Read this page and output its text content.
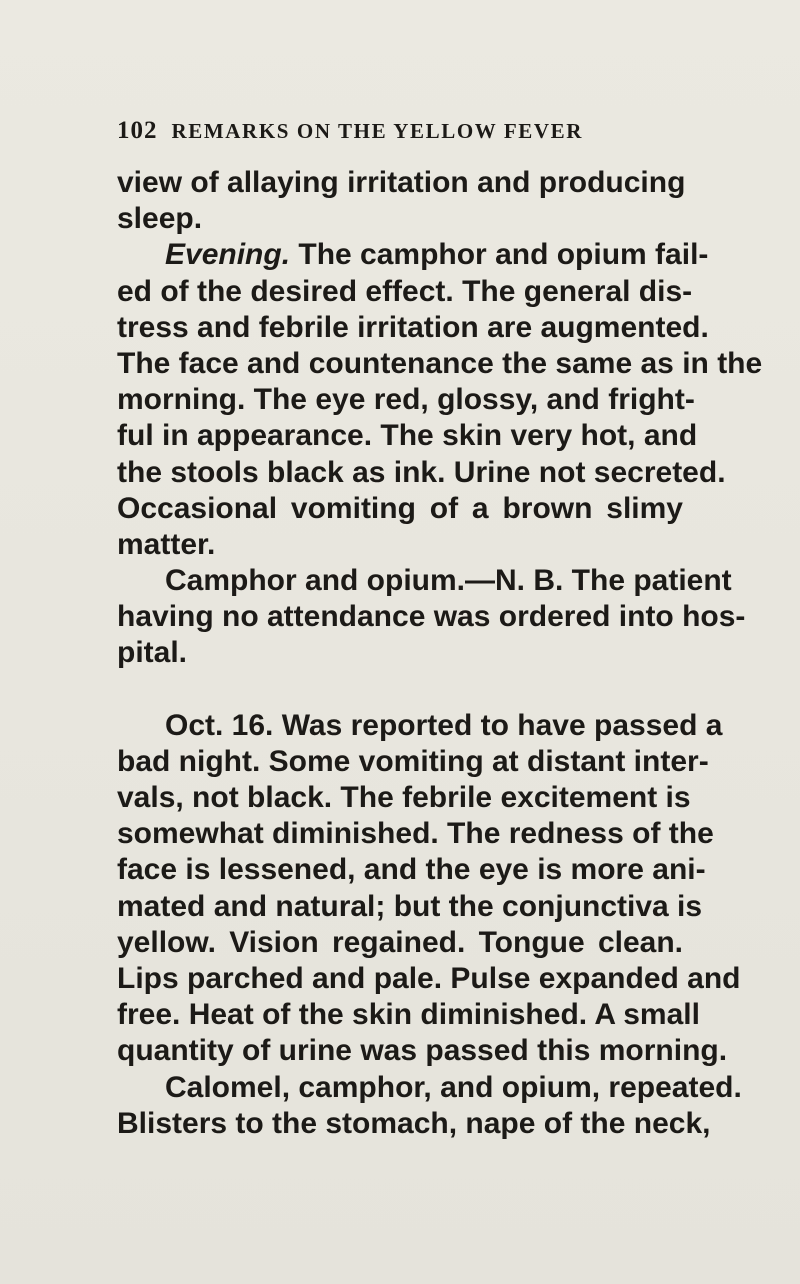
102 REMARKS ON THE YELLOW FEVER
view of allaying irritation and producing
sleep.
Evening. The camphor and opium fail-
ed of the desired effect. The general dis-
tress and febrile irritation are augmented.
The face and countenance the same as in the
morning. The eye red, glossy, and fright-
ful in appearance. The skin very hot, and
the stools black as ink. Urine not secreted.
Occasional vomiting of a brown slimy
matter.
Camphor and opium.—N. B. The patient
having no attendance was ordered into hos-
pital.
Oct. 16. Was reported to have passed a
bad night. Some vomiting at distant inter-
vals, not black. The febrile excitement is
somewhat diminished. The redness of the
face is lessened, and the eye is more ani-
mated and natural; but the conjunctiva is
yellow. Vision regained. Tongue clean.
Lips parched and pale. Pulse expanded and
free. Heat of the skin diminished. A small
quantity of urine was passed this morning.
Calomel, camphor, and opium, repeated.
Blisters to the stomach, nape of the neck,
